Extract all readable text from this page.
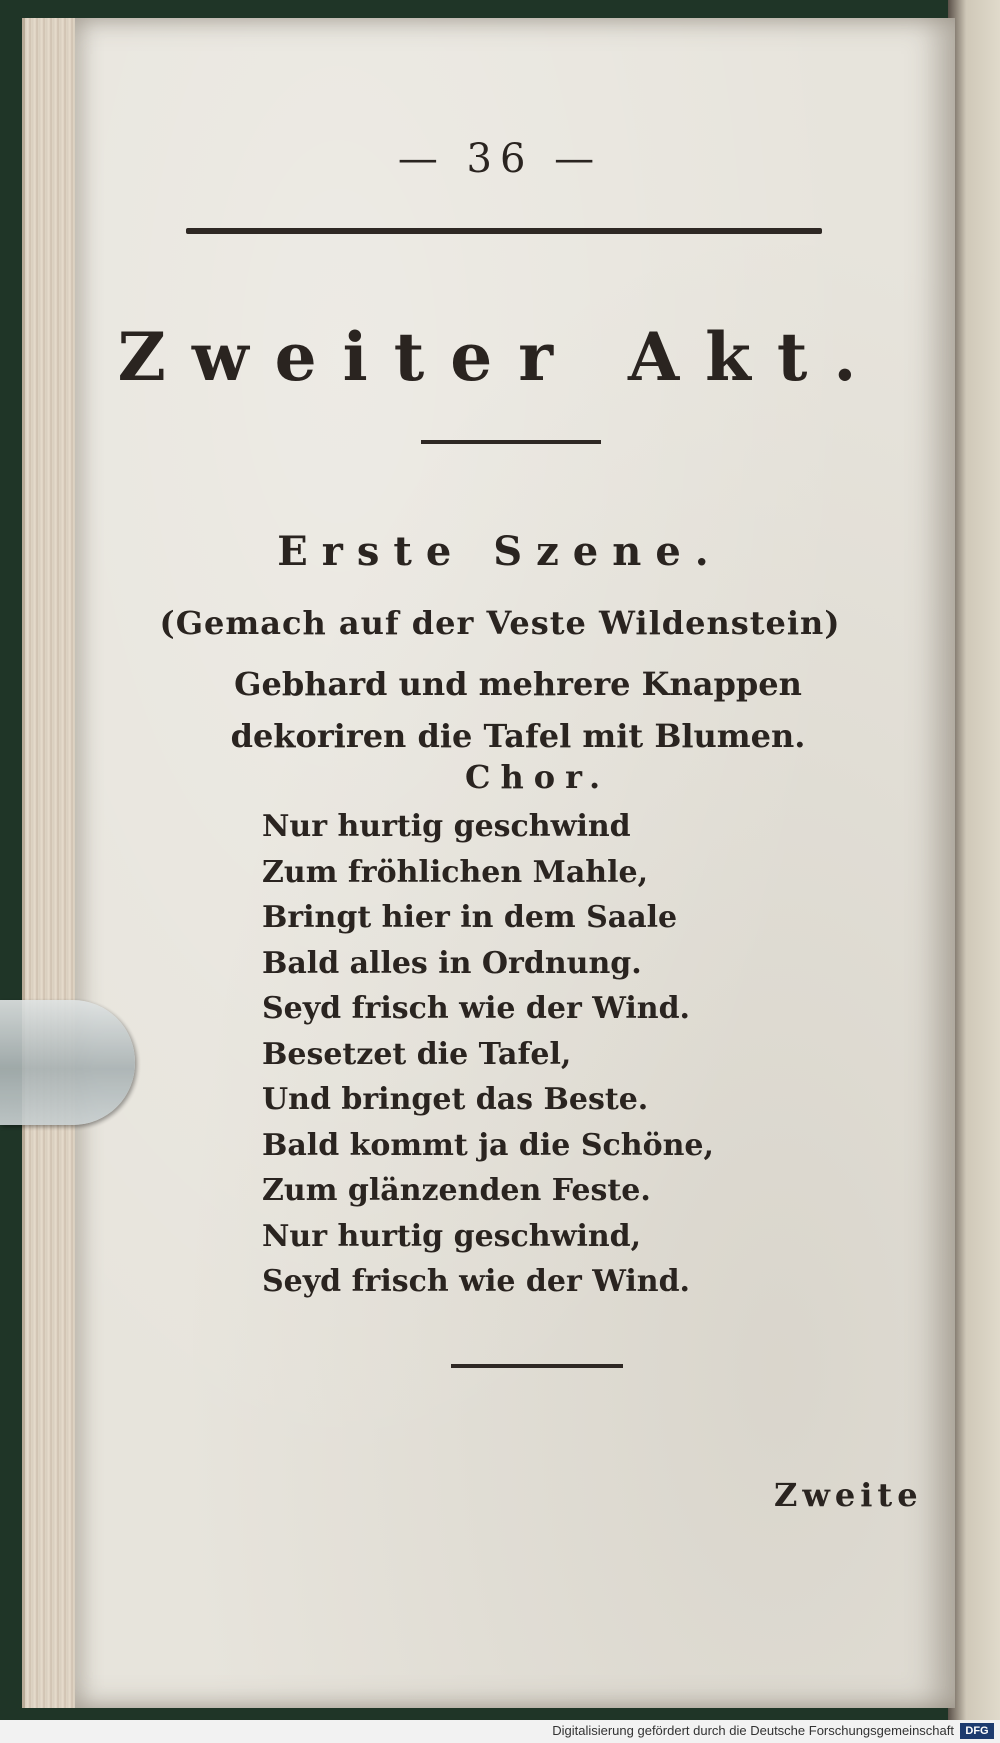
— 36 —
Zweiter Akt.
Erste Szene.
(Gemach auf der Veste Wildenstein)
Gebhard und mehrere Knappen dekoriren die Tafel mit Blumen.
Chor.
Nur hurtig geschwind
Zum fröhlichen Mahle,
Bringt hier in dem Saale
Bald alles in Ordnung.
Seyd frisch wie der Wind.
Besetzet die Tafel,
Und bringet das Beste.
Bald kommt ja die Schöne,
Zum glänzenden Feste.
Nur hurtig geschwind,
Seyd frisch wie der Wind.
Zweite
Digitalisierung gefördert durch die Deutsche Forschungsgemeinschaft	DFG
